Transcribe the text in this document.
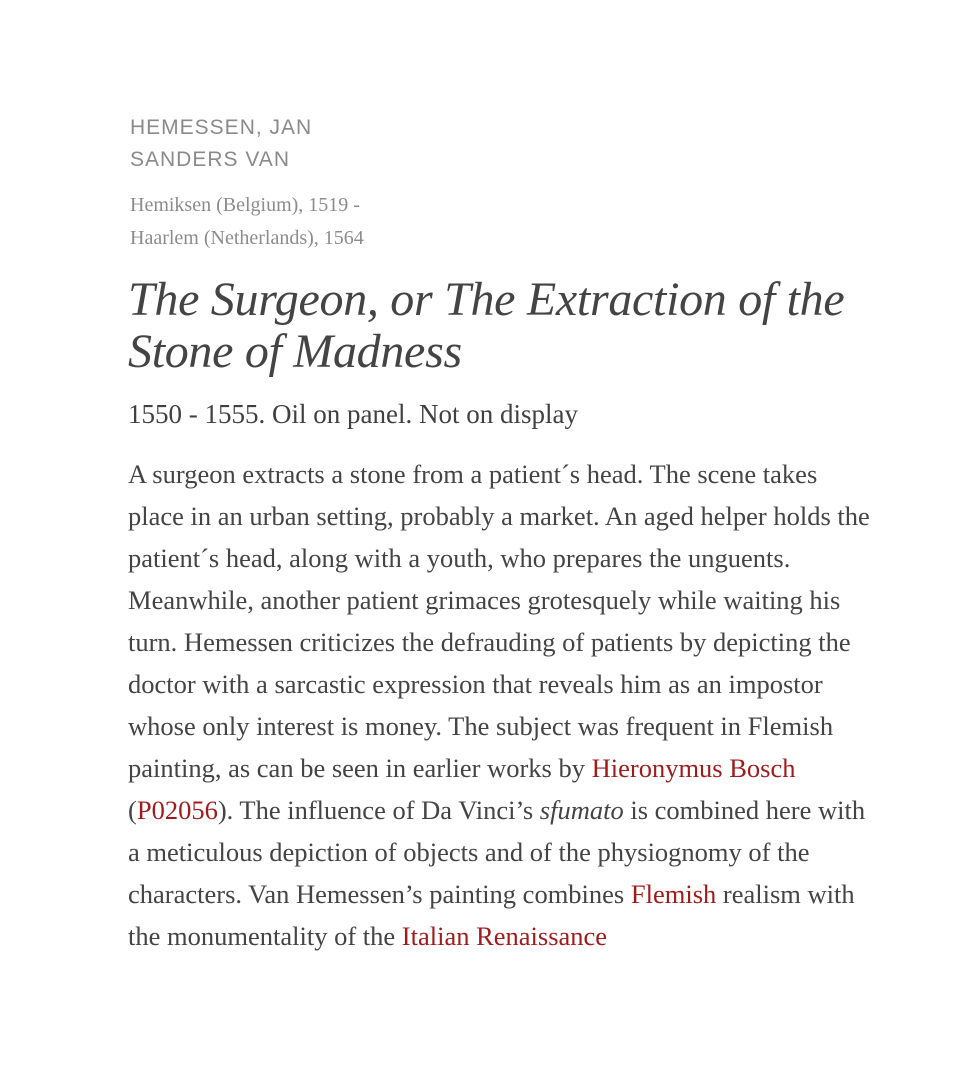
HEMESSEN, JAN SANDERS VAN
Hemiksen (Belgium), 1519 - Haarlem (Netherlands), 1564
The Surgeon, or The Extraction of the Stone of Madness
1550 - 1555. Oil on panel. Not on display

A surgeon extracts a stone from a patient´s head. The scene takes place in an urban setting, probably a market. An aged helper holds the patient´s head, along with a youth, who prepares the unguents. Meanwhile, another patient grimaces grotesquely while waiting his turn. Hemessen criticizes the defrauding of patients by depicting the doctor with a sarcastic expression that reveals him as an impostor whose only interest is money. The subject was frequent in Flemish painting, as can be seen in earlier works by Hieronymus Bosch (P02056). The influence of Da Vinci’s sfumato is combined here with a meticulous depiction of objects and of the physiognomy of the characters. Van Hemessen’s painting combines Flemish realism with the monumentality of the Italian Renaissance
